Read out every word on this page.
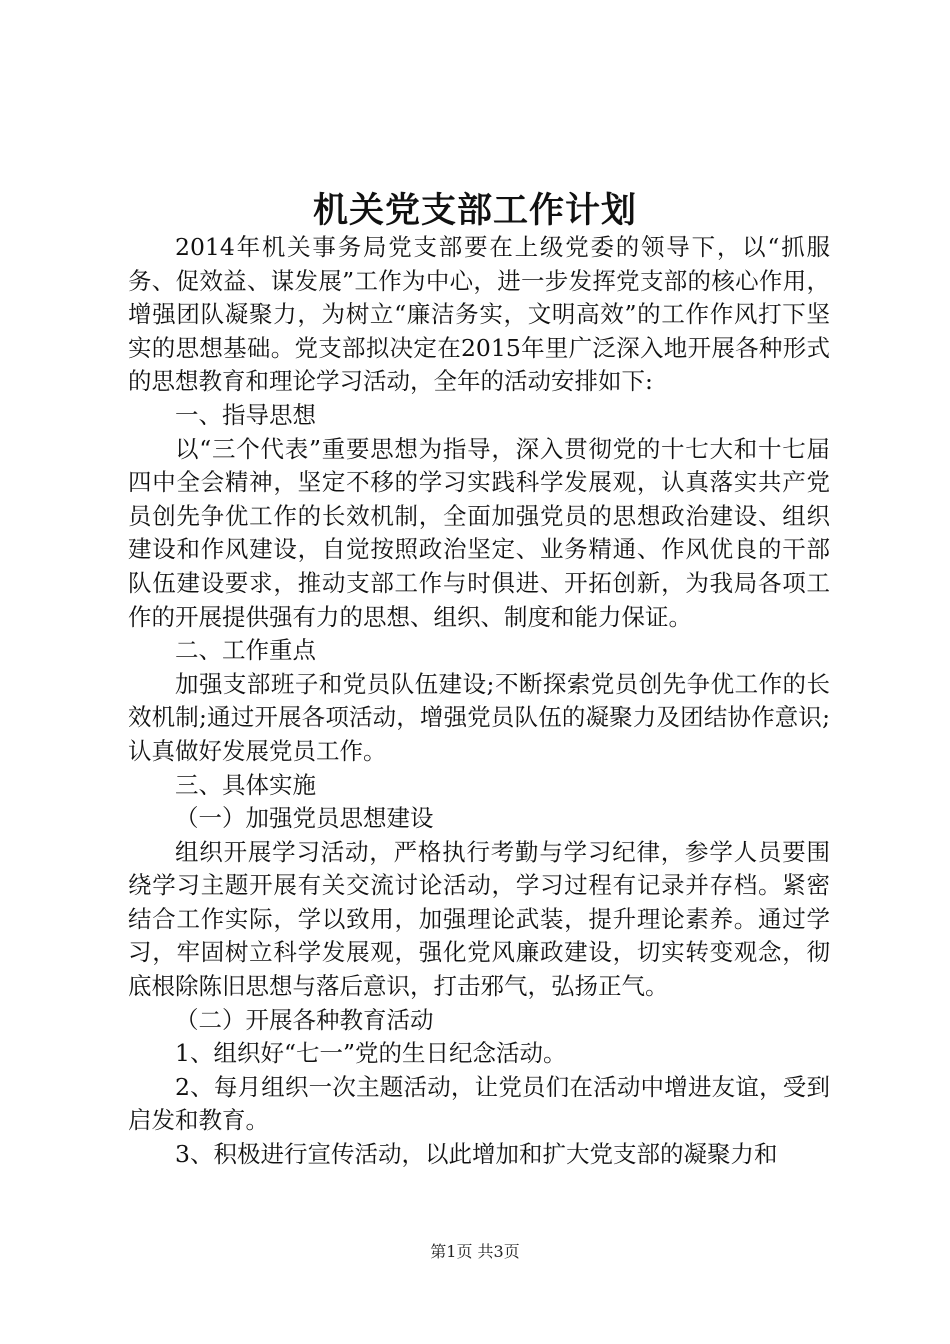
机关党支部工作计划

2014年机关事务局党支部要在上级党委的领导下，以“抓服务、促效益、谋发展”工作为中心，进一步发挥党支部的核心作用，增强团队凝聚力，为树立“廉洁务实，文明高效”的工作作风打下坚实的思想基础。党支部拟决定在2015年里广泛深入地开展各种形式的思想教育和理论学习活动，全年的活动安排如下:

一、指导思想

以“三个代表”重要思想为指导，深入贯彻党的十七大和十七届四中全会精神，坚定不移的学习实践科学发展观，认真落实共产党员创先争优工作的长效机制，全面加强党员的思想政治建设、组织建设和作风建设，自觉按照政治坚定、业务精通、作风优良的干部队伍建设要求，推动支部工作与时俱进、开拓创新，为我局各项工作的开展提供强有力的思想、组织、制度和能力保证。

二、工作重点

加强支部班子和党员队伍建设;不断探索党员创先争优工作的长效机制;通过开展各项活动，增强党员队伍的凝聚力及团结协作意识;认真做好发展党员工作。

三、具体实施

（一）加强党员思想建设

组织开展学习活动，严格执行考勤与学习纪律，参学人员要围绕学习主题开展有关交流讨论活动，学习过程有记录并存档。紧密结合工作实际，学以致用，加强理论武装，提升理论素养。通过学习，牢固树立科学发展观，强化党风廉政建设，切实转变观念，彻底根除陈旧思想与落后意识，打击邪气，弘扬正气。

（二）开展各种教育活动

1、组织好“七一”党的生日纪念活动。

2、每月组织一次主题活动，让党员们在活动中增进友谊，受到启发和教育。

3、积极进行宣传活动，以此增加和扩大党支部的凝聚力和

第1页 共3页
